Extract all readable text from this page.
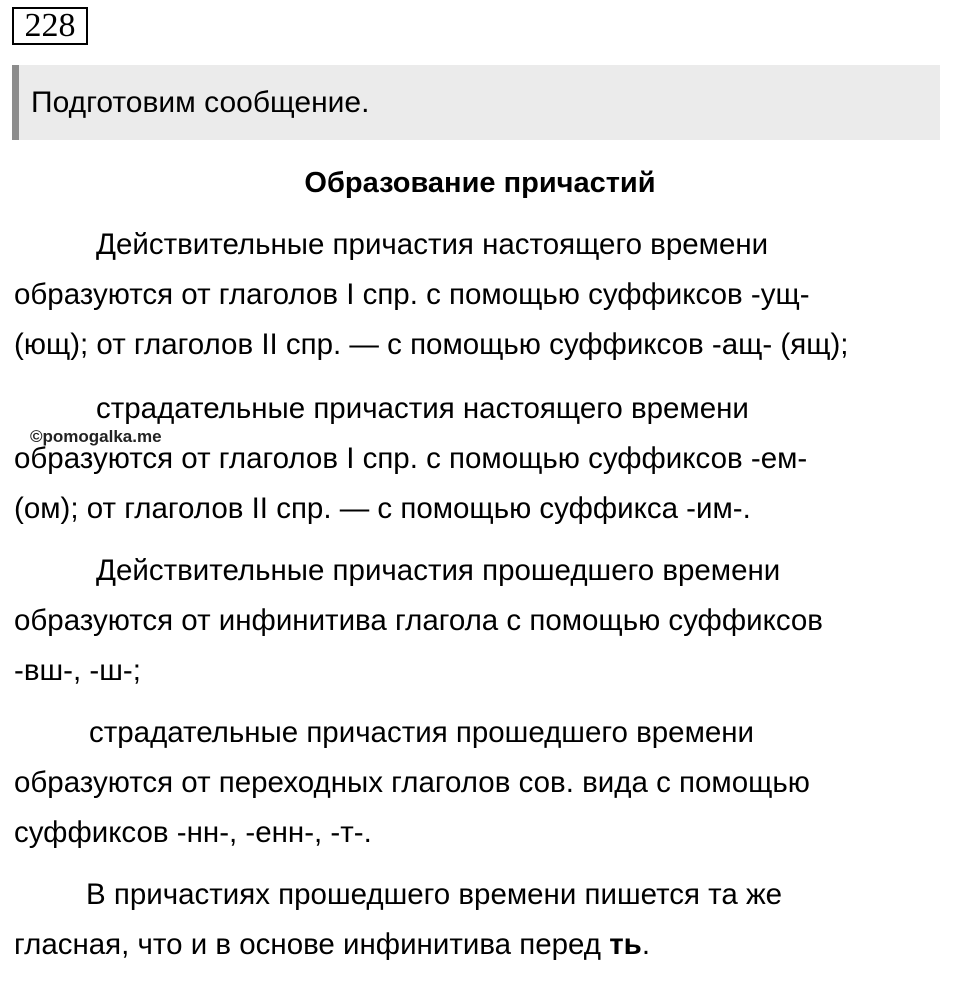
228
Подготовим сообщение.
Образование причастий

Действительные причастия настоящего времени
образуются от глаголов I спр. с помощью суффиксов -ущ-
(ющ); от глаголов II спр. — с помощью суффиксов -ащ- (ящ);

страдательные причастия настоящего времени
образуются от глаголов I спр. с помощью суффиксов -ем-
(ом); от глаголов II спр. — с помощью суффикса -им-.

©pomogalka.me

Действительные причастия прошедшего времени
образуются от инфинитива глагола с помощью суффиксов
-вш-, -ш-;

страдательные причастия прошедшего времени
образуются от переходных глаголов сов. вида с помощью
суффиксов -нн-, -енн-, -т-.

В причастиях прошедшего времени пишется та же
гласная, что и в основе инфинитива перед ть.
